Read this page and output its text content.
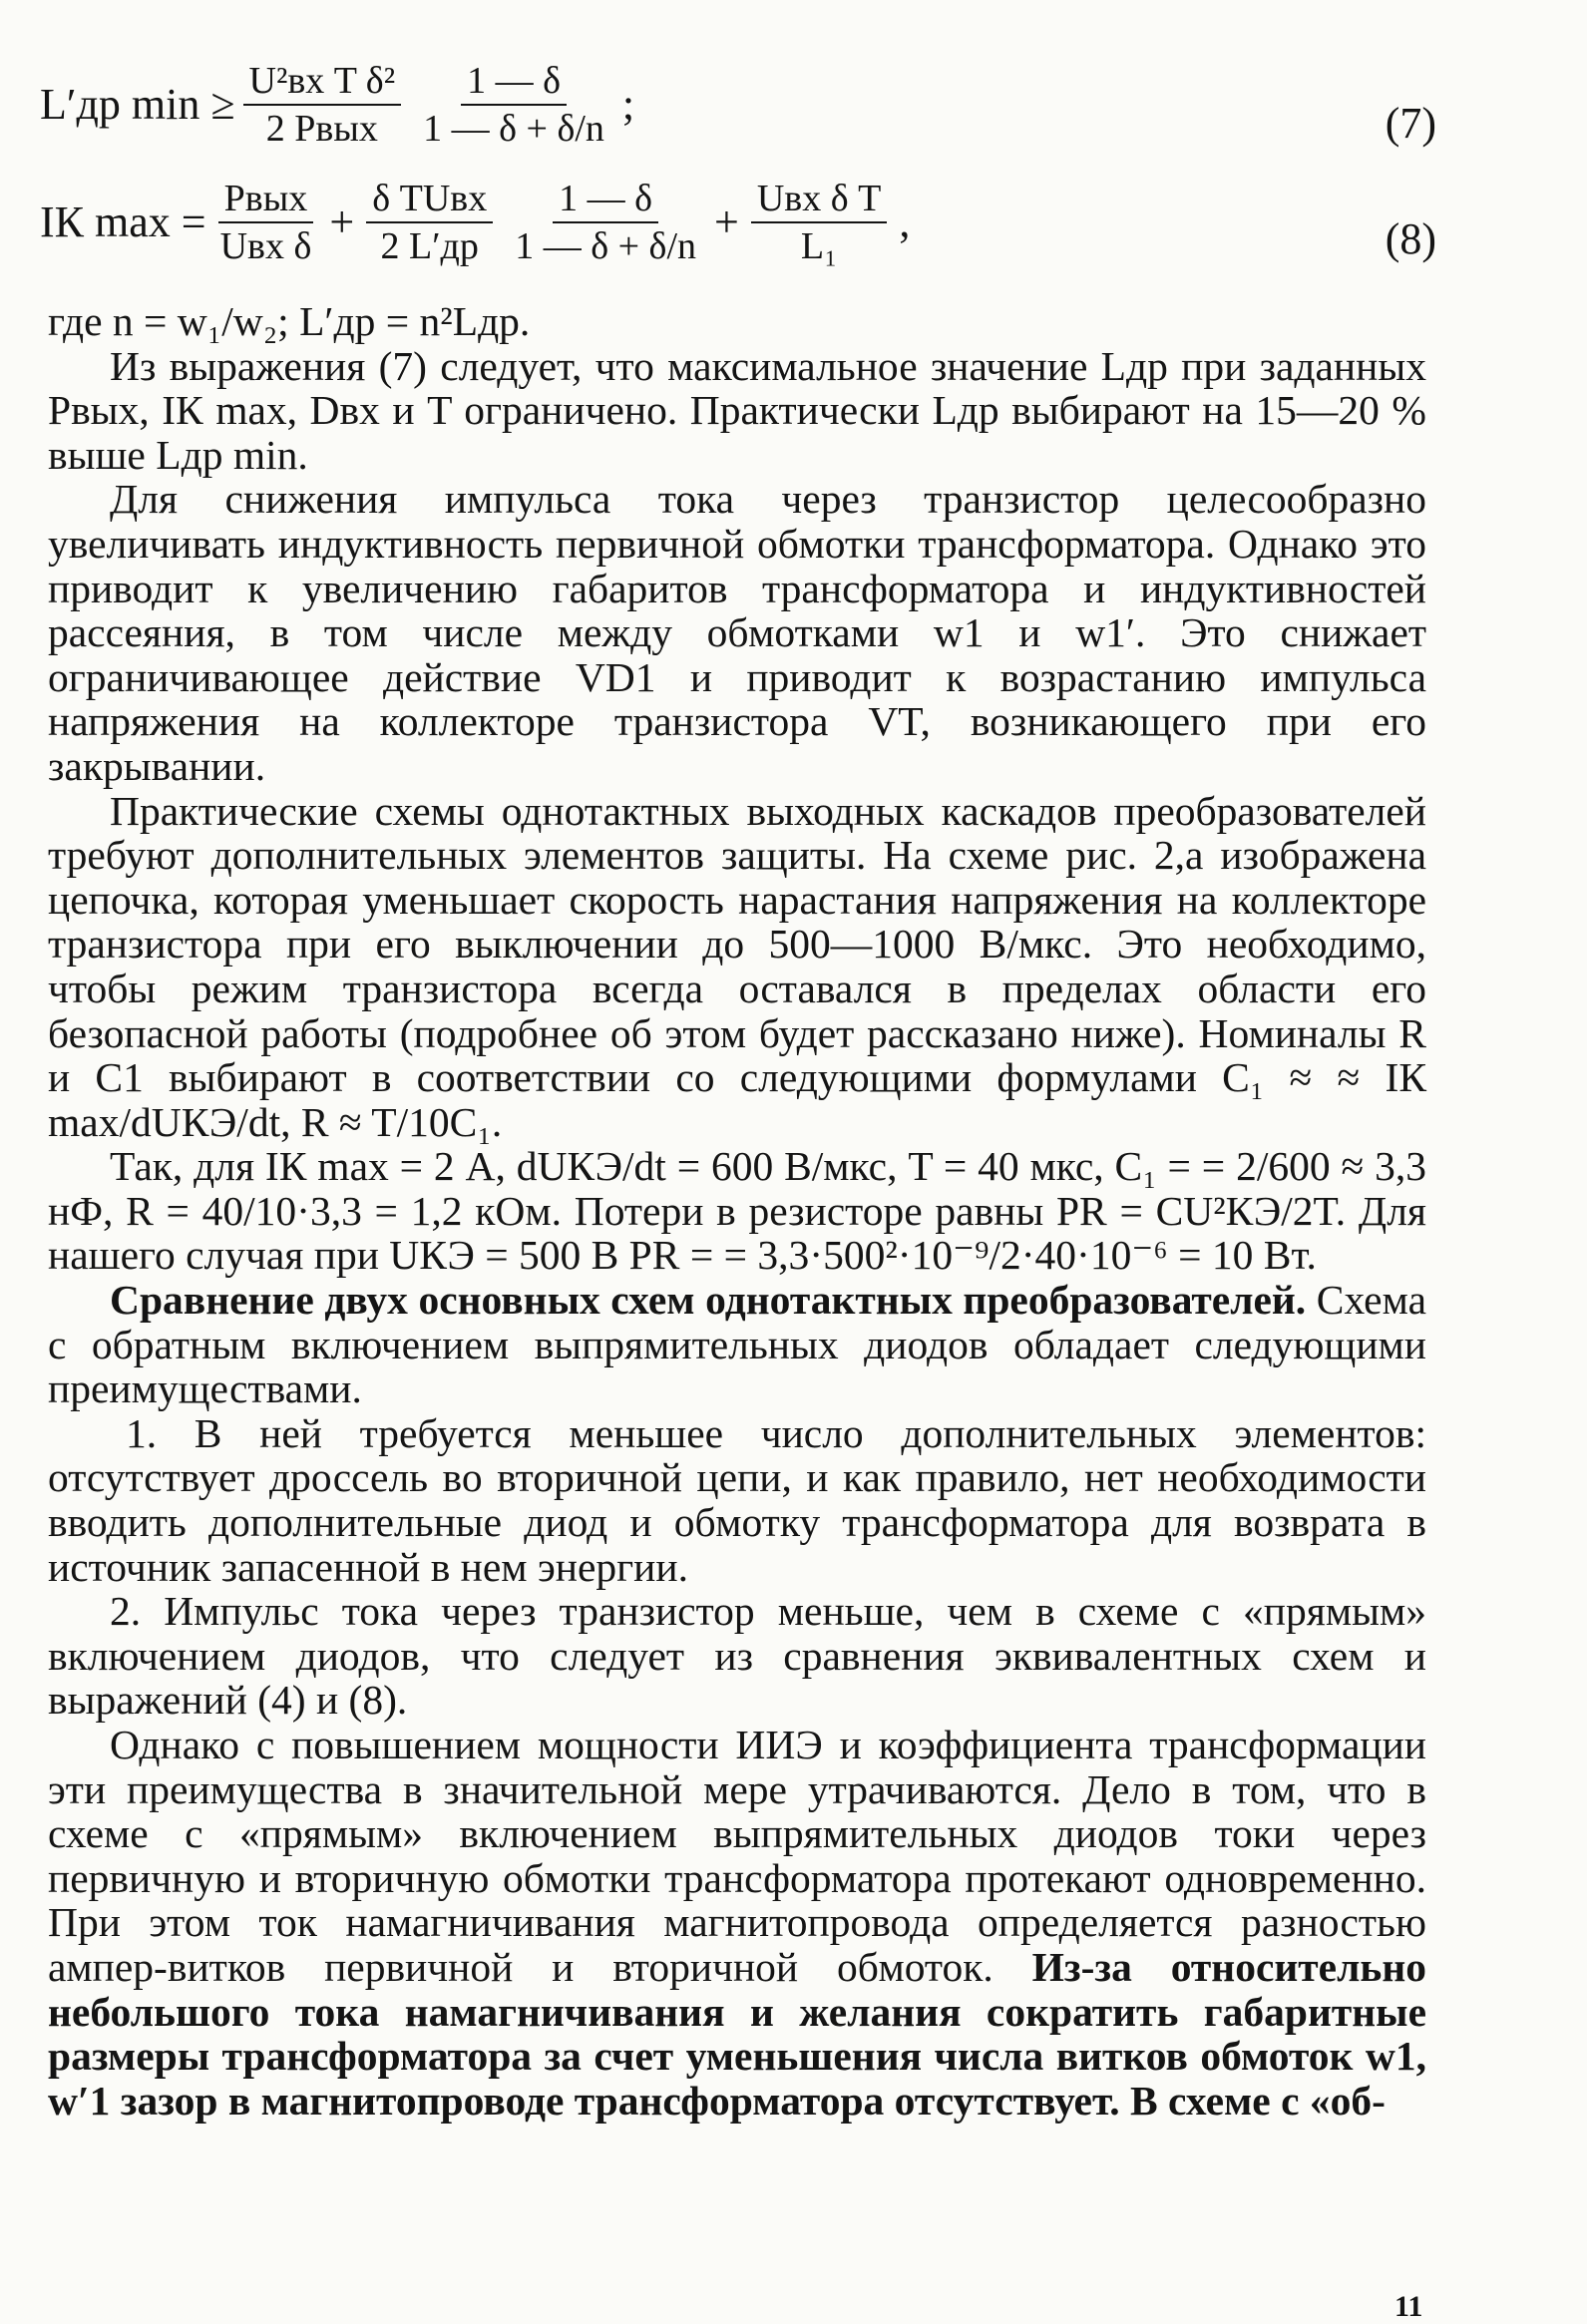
L′др $\min \ge \frac{\text{U²вх T δ²}}{\text{2 Pвых}} \frac{1 — \delta}{1 — \delta + \delta/n}$ ;	(7)
IК $\max = \frac{\text{Pвых}}{\text{Uвх δ}} + \frac{\text{δ TUвх}}{2 L'др} \frac{1 — \delta}{1 — \delta + \delta/n} + \frac{\text{Uвх δ T}}{\text{L₁}}$ ,	(8)

где n = w₁/w₂; L′др = n²Lдр.

Из выражения (7) следует, что максимальное значение Lдр при заданных Pвых, IК max, Dвх и T ограничено. Практически Lдр выбирают на 15—20 % выше Lдр min.

Для снижения импульса тока через транзистор целесообразно увеличивать индуктивность первичной обмотки трансформатора. Однако это приводит к увеличению габаритов трансформатора и индуктивностей рассеяния, в том числе между обмотками w1 и w1′. Это снижает ограничивающее действие VD1 и приводит к возрастанию импульса напряжения на коллекторе транзистора VT, возникающего при его закрывании.

Практические схемы однотактных выходных каскадов преобразователей требуют дополнительных элементов защиты. На схеме рис. 2,а изображена цепочка, которая уменьшает скорость нарастания напряжения на коллекторе транзистора при его выключении до 500—1000 В/мкс. Это необходимо, чтобы режим транзистора всегда оставался в пределах области его безопасной работы (подробнее об этом будет рассказано ниже). Номиналы R и C1 выбирают в соответствии со следующими формулами C₁ ≈ ≈ IК max/dUКЭ/dt, R ≈ T/10C₁.

Так, для IК max = 2 А, dUКЭ/dt = 600 В/мкс, T = 40 мкс, C₁ = = 2/600 ≈ 3,3 нФ, R = 40/10·3,3 = 1,2 кОм. Потери в резисторе равны PR = CU²КЭ/2T. Для нашего случая при UКЭ = 500 В PR = = 3,3·500²·10⁻⁹/2·40·10⁻⁶ = 10 Вт.

Сравнение двух основных схем однотактных преобразователей. Схема с обратным включением выпрямительных диодов обладает следующими преимуществами.

1. В ней требуется меньшее число дополнительных элементов: отсутствует дроссель во вторичной цепи, и как правило, нет необходимости вводить дополнительные диод и обмотку трансформатора для возврата в источник запасенной в нем энергии.

2. Импульс тока через транзистор меньше, чем в схеме с «прямым» включением диодов, что следует из сравнения эквивалентных схем и выражений (4) и (8).

Однако с повышением мощности ИИЭ и коэффициента трансформации эти преимущества в значительной мере утрачиваются. Дело в том, что в схеме с «прямым» включением выпрямительных диодов токи через первичную и вторичную обмотки трансформатора протекают одновременно. При этом ток намагничивания магнитопровода определяется разностью ампер-витков первичной и вторичной обмоток. Из-за относительно небольшого тока намагничивания и желания сократить габаритные размеры трансформатора за счет уменьшения числа витков обмоток w1, w′1 зазор в магнитопроводе трансформатора отсутствует. В схеме с «об-

11
